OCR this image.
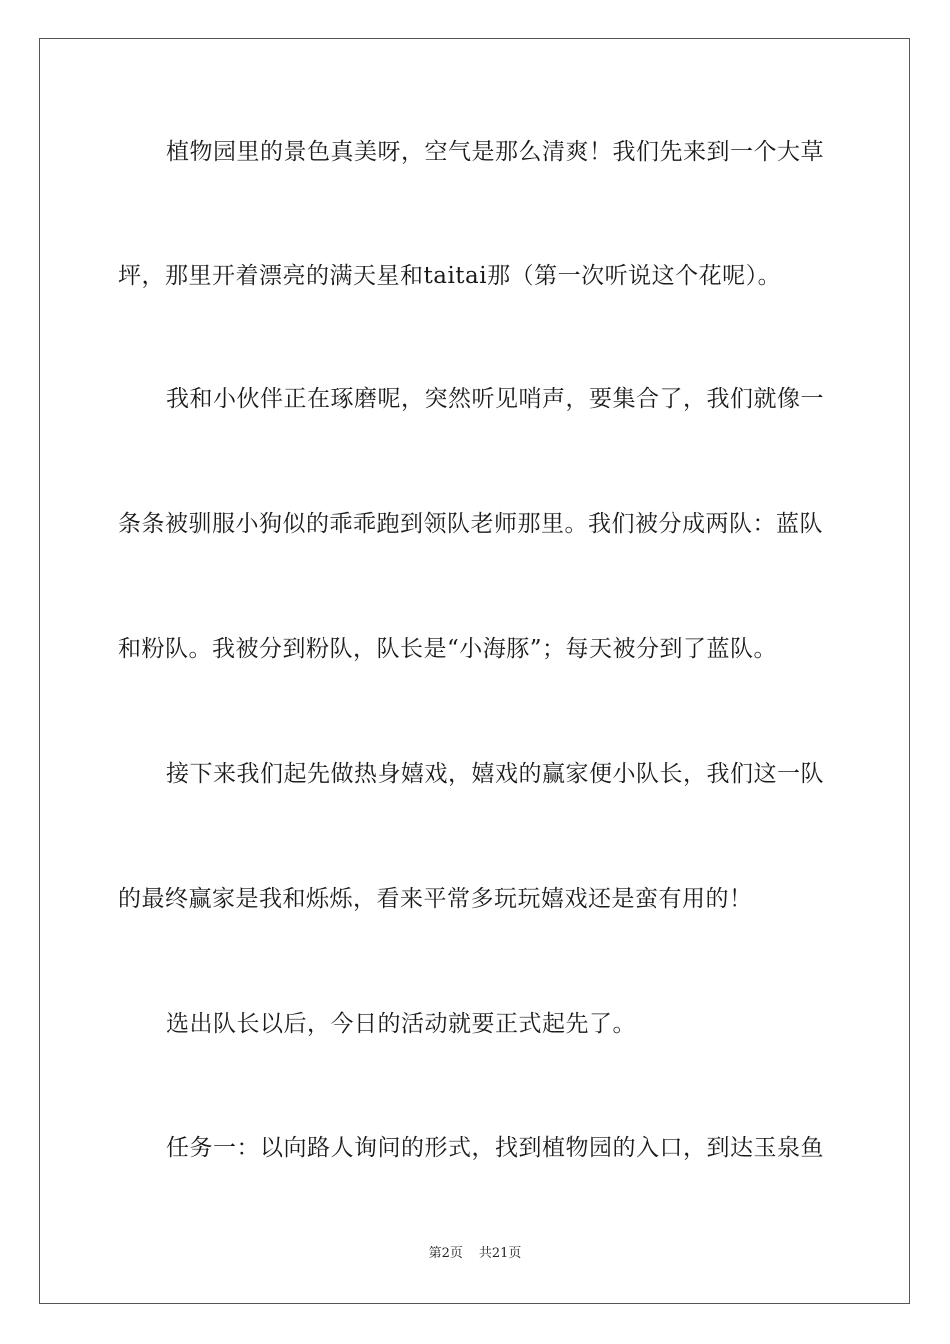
植物园里的景色真美呀，空气是那么清爽！我们先来到一个大草
坪，那里开着漂亮的满天星和taitai那（第一次听说这个花呢）。
我和小伙伴正在琢磨呢，突然听见哨声，要集合了，我们就像一
条条被驯服小狗似的乖乖跑到领队老师那里。我们被分成两队：蓝队
和粉队。我被分到粉队，队长是“小海豚”；每天被分到了蓝队。
接下来我们起先做热身嬉戏，嬉戏的赢家便小队长，我们这一队
的最终赢家是我和烁烁，看来平常多玩玩嬉戏还是蛮有用的！
选出队长以后，今日的活动就要正式起先了。
任务一：以向路人询问的形式，找到植物园的入口，到达玉泉鱼
第2页 共21页
